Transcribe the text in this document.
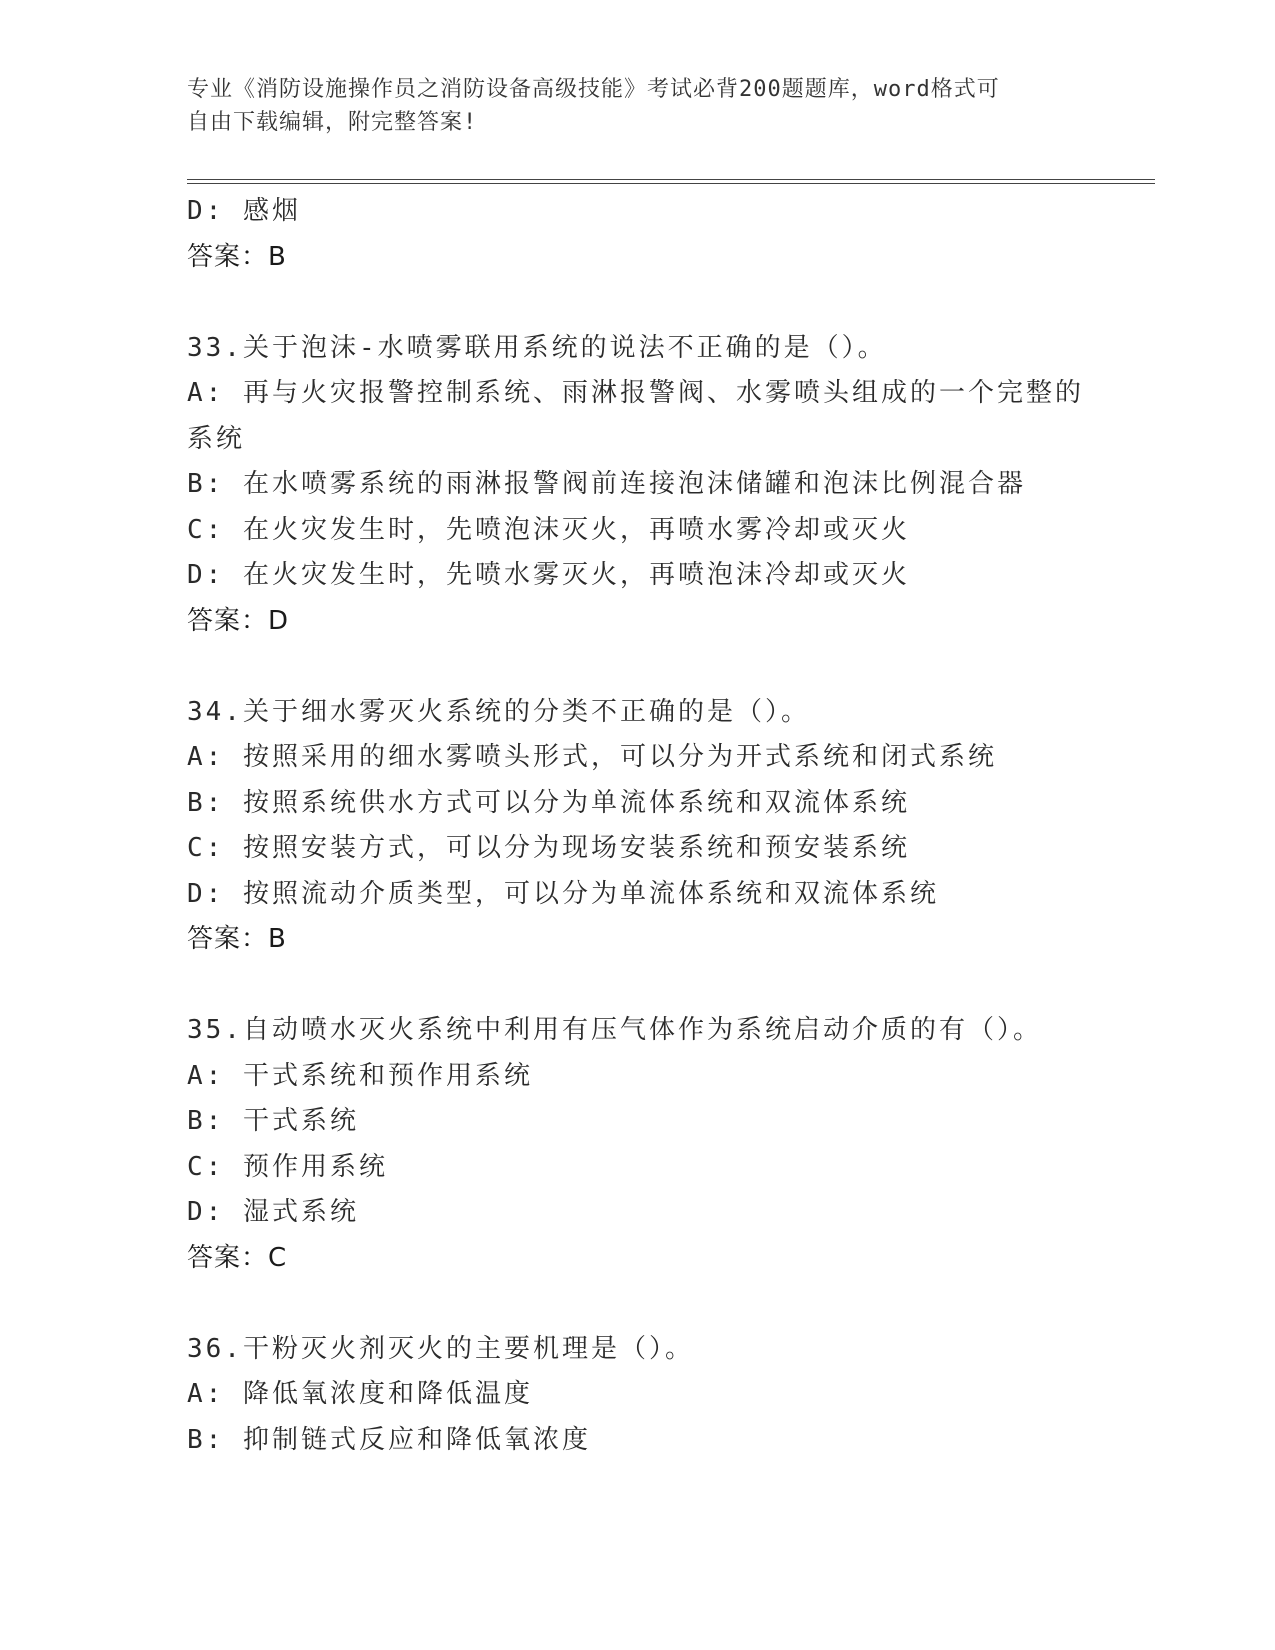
专业《消防设施操作员之消防设备高级技能》考试必背200题题库，word格式可
自由下载编辑，附完整答案!
D: 感烟
答案：B
33.关于泡沫-水喷雾联用系统的说法不正确的是（）。
A: 再与火灾报警控制系统、雨淋报警阀、水雾喷头组成的一个完整的
系统
B: 在水喷雾系统的雨淋报警阀前连接泡沫储罐和泡沫比例混合器
C: 在火灾发生时，先喷泡沫灭火，再喷水雾冷却或灭火
D: 在火灾发生时，先喷水雾灭火，再喷泡沫冷却或灭火
答案：D
34.关于细水雾灭火系统的分类不正确的是（）。
A: 按照采用的细水雾喷头形式，可以分为开式系统和闭式系统
B: 按照系统供水方式可以分为单流体系统和双流体系统
C: 按照安装方式，可以分为现场安装系统和预安装系统
D: 按照流动介质类型，可以分为单流体系统和双流体系统
答案：B
35.自动喷水灭火系统中利用有压气体作为系统启动介质的有（）。
A: 干式系统和预作用系统
B: 干式系统
C: 预作用系统
D: 湿式系统
答案：C
36.干粉灭火剂灭火的主要机理是（）。
A: 降低氧浓度和降低温度
B: 抑制链式反应和降低氧浓度
